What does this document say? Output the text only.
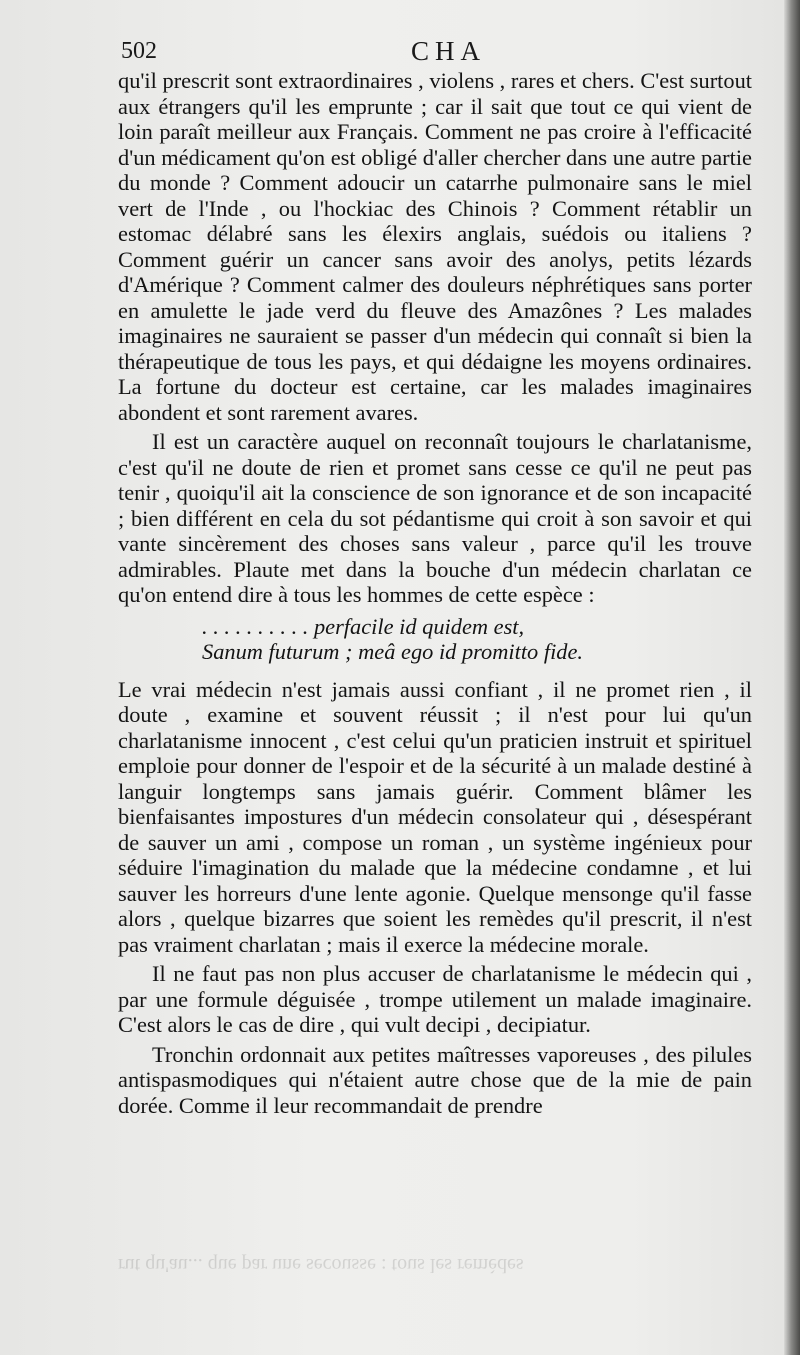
502	CHA

qu'il prescrit sont extraordinaires , violens , rares et chers. C'est surtout aux étrangers qu'il les emprunte ; car il sait que tout ce qui vient de loin paraît meilleur aux Français. Comment ne pas croire à l'efficacité d'un médicament qu'on est obligé d'aller chercher dans une autre partie du monde ? Comment adoucir un catarrhe pulmonaire sans le miel vert de l'Inde , ou l'hockiac des Chinois ? Comment rétablir un estomac délabré sans les élexirs anglais, suédois ou italiens ? Comment guérir un cancer sans avoir des anolys, petits lézards d'Amérique ? Comment calmer des douleurs néphrétiques sans porter en amulette le jade verd du fleuve des Amazônes ? Les malades imaginaires ne sauraient se passer d'un médecin qui connaît si bien la thérapeutique de tous les pays, et qui dédaigne les moyens ordinaires. La fortune du docteur est certaine, car les malades imaginaires abondent et sont rarement avares.

Il est un caractère auquel on reconnaît toujours le charlatanisme, c'est qu'il ne doute de rien et promet sans cesse ce qu'il ne peut pas tenir , quoiqu'il ait la conscience de son ignorance et de son incapacité ; bien différent en cela du sot pédantisme qui croit à son savoir et qui vante sincèrement des choses sans valeur , parce qu'il les trouve admirables. Plaute met dans la bouche d'un médecin charlatan ce qu'on entend dire à tous les hommes de cette espèce :

. . . . . . . . . . perfacile id quidem est,
Sanum futurum ; meâ ego id promitto fide.

Le vrai médecin n'est jamais aussi confiant , il ne promet rien , il doute , examine et souvent réussit ; il n'est pour lui qu'un charlatanisme innocent , c'est celui qu'un praticien instruit et spirituel emploie pour donner de l'espoir et de la sécurité à un malade destiné à languir longtemps sans jamais guérir. Comment blâmer les bienfaisantes impostures d'un médecin consolateur qui , désespérant de sauver un ami , compose un roman , un système ingénieux pour séduire l'imagination du malade que la médecine condamne , et lui sauver les horreurs d'une lente agonie. Quelque mensonge qu'il fasse alors , quelque bizarres que soient les remèdes qu'il prescrit, il n'est pas vraiment charlatan ; mais il exerce la médecine morale.

Il ne faut pas non plus accuser de charlatanisme le médecin qui , par une formule déguisée , trompe utilement un malade imaginaire. C'est alors le cas de dire , qui vult decipi , decipiatur.

Tronchin ordonnait aux petites maîtresses vaporeuses , des pilules antispasmodiques qui n'étaient autre chose que de la mie de pain dorée. Comme il leur recommandait de prendre

rut qu'au... que par une secousse : tous les remèdes
